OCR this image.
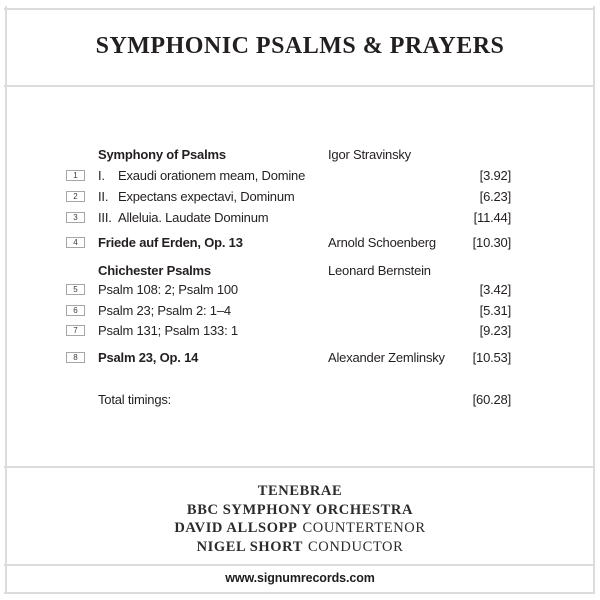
SYMPHONIC PSALMS & PRAYERS
Symphony of Psalms	Igor Stravinsky
1	I. Exaudi orationem meam, Domine	[3.92]
2	II. Expectans expectavi, Dominum	[6.23]
3	III. Alleluia. Laudate Dominum	[11.44]
4	Friede auf Erden, Op. 13	Arnold Schoenberg	[10.30]
Chichester Psalms	Leonard Bernstein
5	Psalm 108: 2; Psalm 100	[3.42]
6	Psalm 23; Psalm 2: 1–4	[5.31]
7	Psalm 131; Psalm 133: 1	[9.23]
8	Psalm 23, Op. 14	Alexander Zemlinsky [10.53]
Total timings:	[60.28]
TENEBRAE
BBC SYMPHONY ORCHESTRA
DAVID ALLSOPP COUNTERTENOR
NIGEL SHORT CONDUCTOR
www.signumrecords.com
